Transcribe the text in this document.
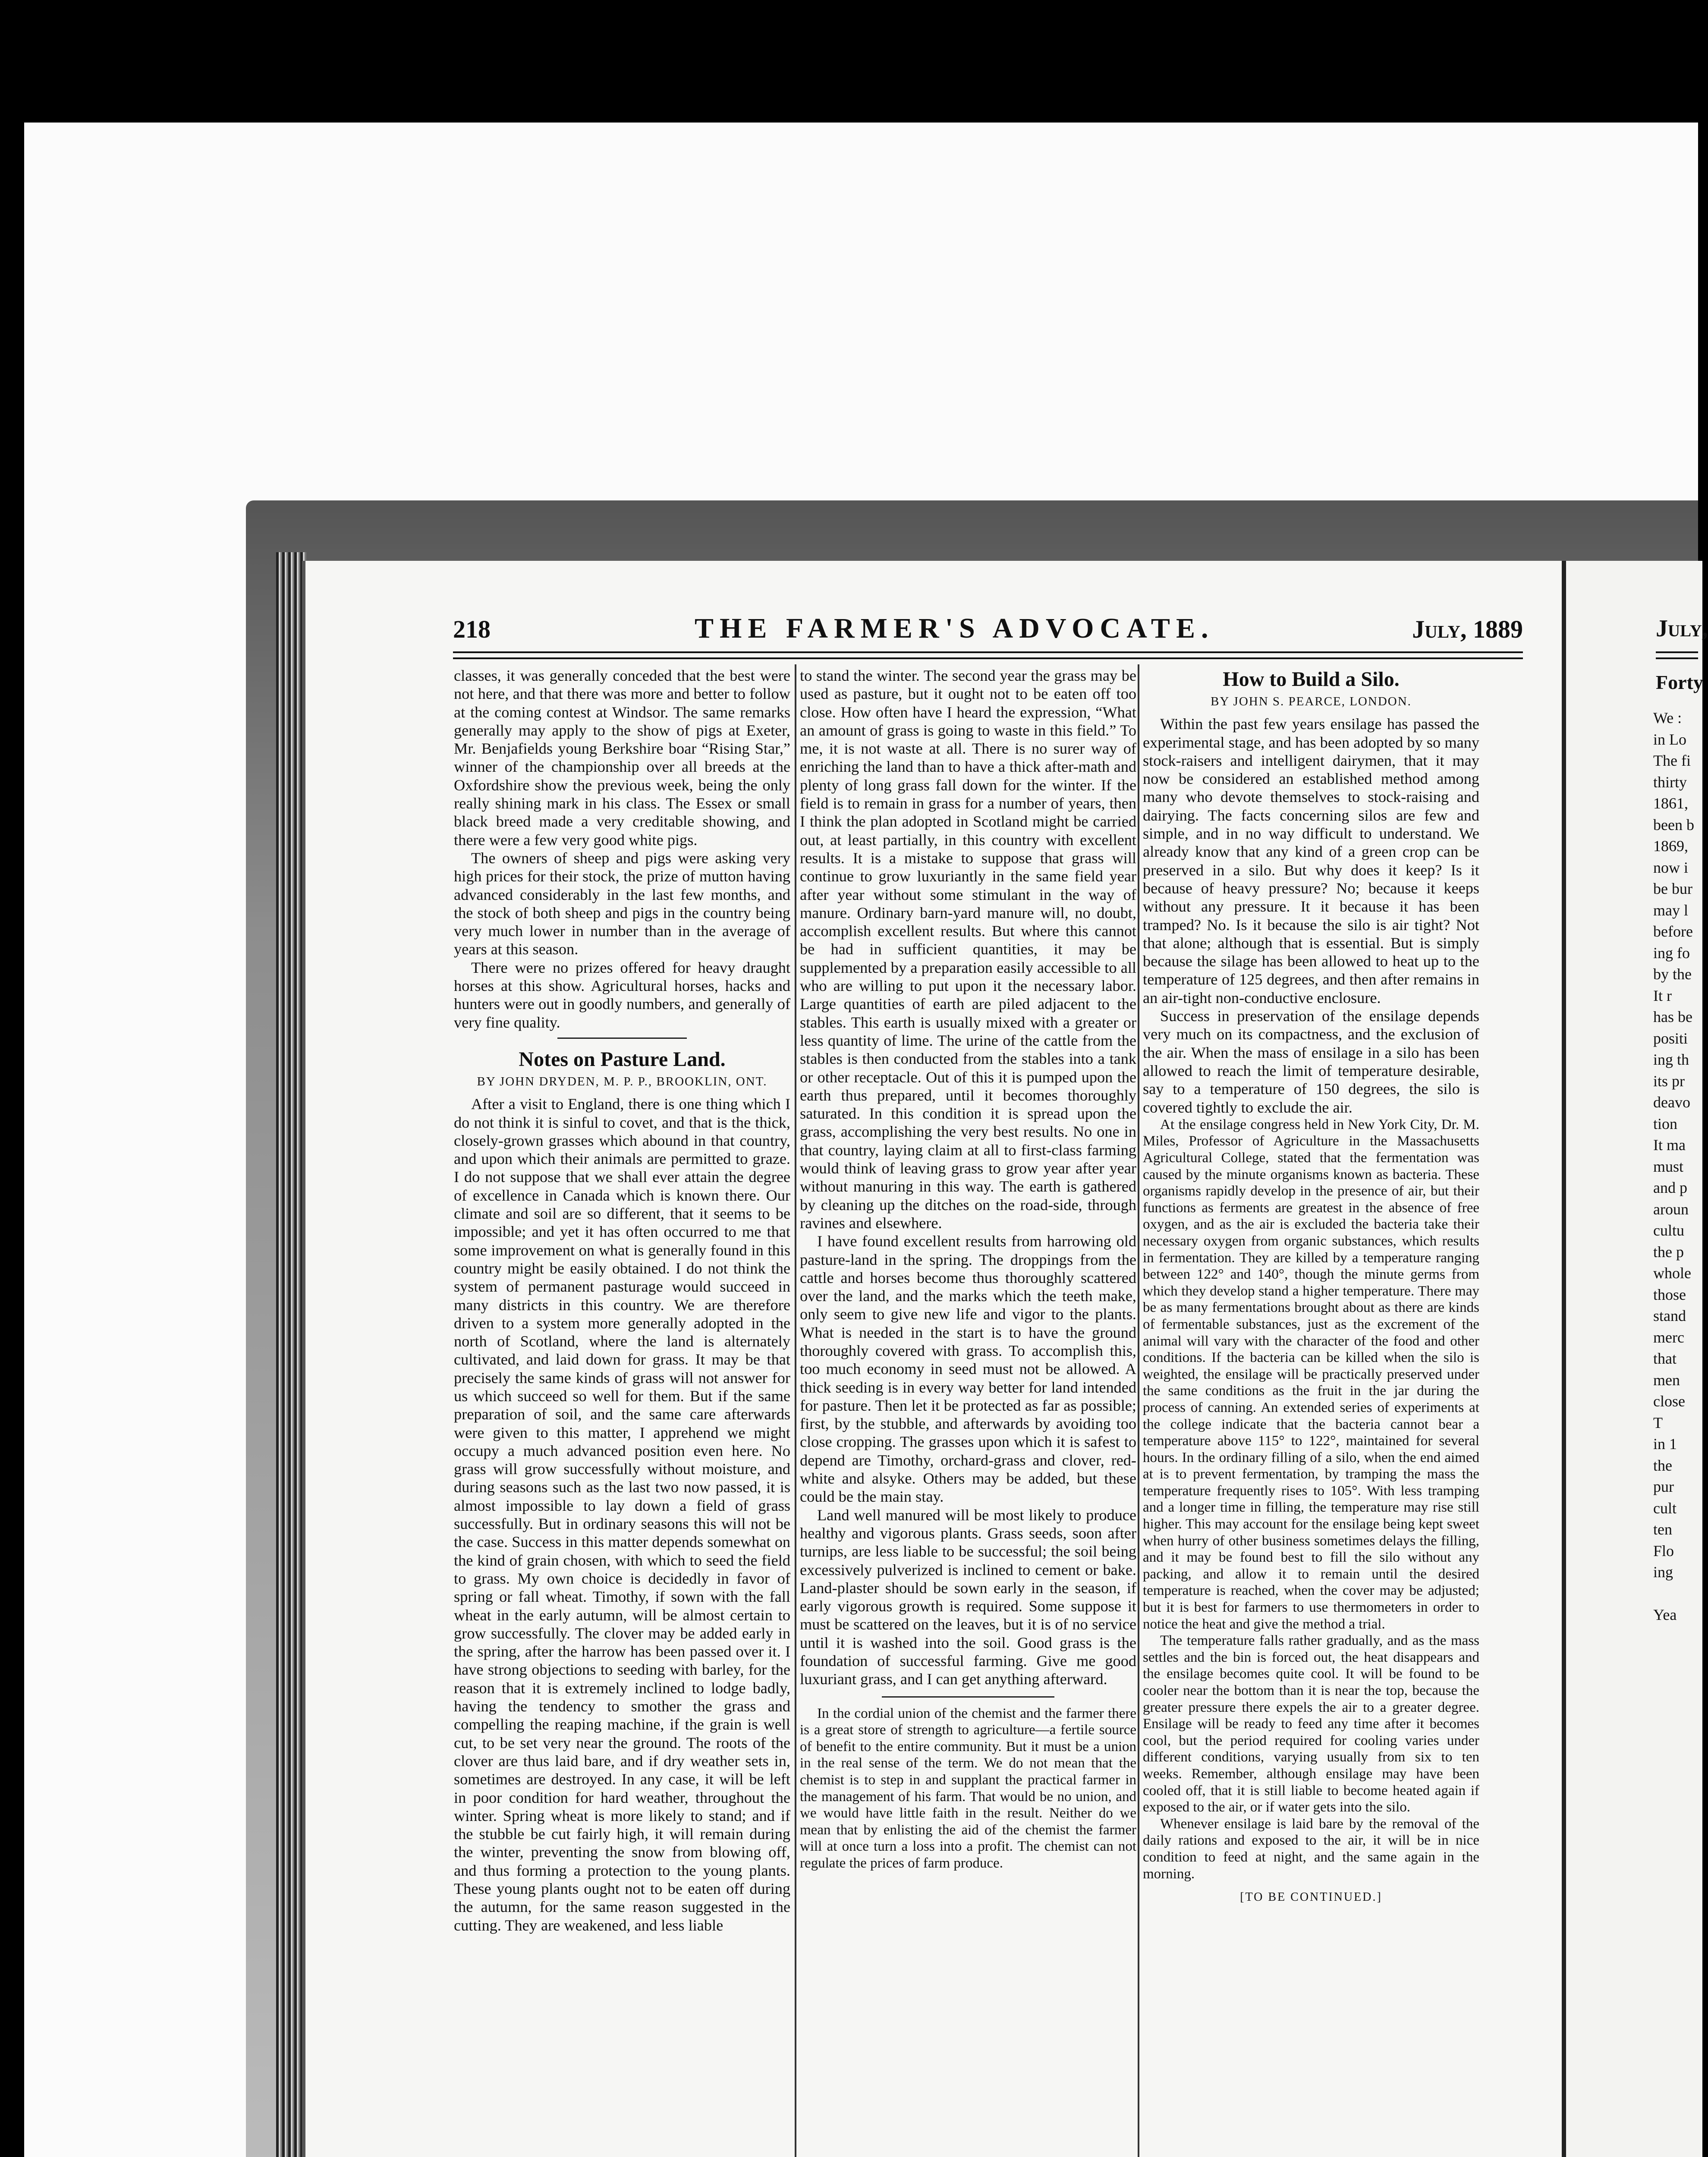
218	THE FARMER'S ADVOCATE.	July, 1889

classes, it was generally conceded that the best were not here, and that there was more and better to follow at the coming contest at Windsor. The same remarks generally may apply to the show of pigs at Exeter, Mr. Benjafields young Berkshire boar “Rising Star,” winner of the championship over all breeds at the Oxfordshire show the previous week, being the only really shining mark in his class. The Essex or small black breed made a very creditable showing, and there were a few very good white pigs.

The owners of sheep and pigs were asking very high prices for their stock, the prize of mutton having advanced considerably in the last few months, and the stock of both sheep and pigs in the country being very much lower in number than in the average of years at this season.

There were no prizes offered for heavy draught horses at this show. Agricultural horses, hacks and hunters were out in goodly numbers, and generally of very fine quality.

Notes on Pasture Land.
BY JOHN DRYDEN, M. P. P., BROOKLIN, ONT.

After a visit to England, there is one thing which I do not think it is sinful to covet, and that is the thick, closely-grown grasses which abound in that country, and upon which their animals are permitted to graze. I do not suppose that we shall ever attain the degree of excellence in Canada which is known there. Our climate and soil are so different, that it seems to be impossible; and yet it has often occurred to me that some improvement on what is generally found in this country might be easily obtained. I do not think the system of permanent pasturage would succeed in many districts in this country. We are therefore driven to a system more generally adopted in the north of Scotland, where the land is alternately cultivated, and laid down for grass. It may be that precisely the same kinds of grass will not answer for us which succeed so well for them. But if the same preparation of soil, and the same care afterwards were given to this matter, I apprehend we might occupy a much advanced position even here. No grass will grow successfully without moisture, and during seasons such as the last two now passed, it is almost impossible to lay down a field of grass successfully. But in ordinary seasons this will not be the case. Success in this matter depends somewhat on the kind of grain chosen, with which to seed the field to grass. My own choice is decidedly in favor of spring or fall wheat. Timothy, if sown with the fall wheat in the early autumn, will be almost certain to grow successfully. The clover may be added early in the spring, after the harrow has been passed over it. I have strong objections to seeding with barley, for the reason that it is extremely inclined to lodge badly, having the tendency to smother the grass and compelling the reaping machine, if the grain is well cut, to be set very near the ground. The roots of the clover are thus laid bare, and if dry weather sets in, sometimes are destroyed. In any case, it will be left in poor condition for hard weather, throughout the winter. Spring wheat is more likely to stand; and if the stubble be cut fairly high, it will remain during the winter, preventing the snow from blowing off, and thus forming a protection to the young plants. These young plants ought not to be eaten off during the autumn, for the same reason suggested in the cutting. They are weakened, and less liable

to stand the winter. The second year the grass may be used as pasture, but it ought not to be eaten off too close. How often have I heard the expression, “What an amount of grass is going to waste in this field.” To me, it is not waste at all. There is no surer way of enriching the land than to have a thick after-math and plenty of long grass fall down for the winter. If the field is to remain in grass for a number of years, then I think the plan adopted in Scotland might be carried out, at least partially, in this country with excellent results. It is a mistake to suppose that grass will continue to grow luxuriantly in the same field year after year without some stimulant in the way of manure. Ordinary barn-yard manure will, no doubt, accomplish excellent results. But where this cannot be had in sufficient quantities, it may be supplemented by a preparation easily accessible to all who are willing to put upon it the necessary labor. Large quantities of earth are piled adjacent to the stables. This earth is usually mixed with a greater or less quantity of lime. The urine of the cattle from the stables is then conducted from the stables into a tank or other receptacle. Out of this it is pumped upon the earth thus prepared, until it becomes thoroughly saturated. In this condition it is spread upon the grass, accomplishing the very best results. No one in that country, laying claim at all to first-class farming would think of leaving grass to grow year after year without manuring in this way. The earth is gathered by cleaning up the ditches on the road-side, through ravines and elsewhere.

I have found excellent results from harrowing old pasture-land in the spring. The droppings from the cattle and horses become thus thoroughly scattered over the land, and the marks which the teeth make, only seem to give new life and vigor to the plants. What is needed in the start is to have the ground thoroughly covered with grass. To accomplish this, too much economy in seed must not be allowed. A thick seeding is in every way better for land intended for pasture. Then let it be protected as far as possible; first, by the stubble, and afterwards by avoiding too close cropping. The grasses upon which it is safest to depend are Timothy, orchard-grass and clover, red-white and alsyke. Others may be added, but these could be the main stay.

Land well manured will be most likely to produce healthy and vigorous plants. Grass seeds, soon after turnips, are less liable to be successful; the soil being excessively pulverized is inclined to cement or bake. Land-plaster should be sown early in the season, if early vigorous growth is required. Some suppose it must be scattered on the leaves, but it is of no service until it is washed into the soil. Good grass is the foundation of successful farming. Give me good luxuriant grass, and I can get anything afterward.

In the cordial union of the chemist and the farmer there is a great store of strength to agriculture—a fertile source of benefit to the entire community. But it must be a union in the real sense of the term. We do not mean that the chemist is to step in and supplant the practical farmer in the management of his farm. That would be no union, and we would have little faith in the result. Neither do we mean that by enlisting the aid of the chemist the farmer will at once turn a loss into a profit. The chemist can not regulate the prices of farm produce.

How to Build a Silo.
BY JOHN S. PEARCE, LONDON.

Within the past few years ensilage has passed the experimental stage, and has been adopted by so many stock-raisers and intelligent dairymen, that it may now be considered an established method among many who devote themselves to stock-raising and dairying. The facts concerning silos are few and simple, and in no way difficult to understand. We already know that any kind of a green crop can be preserved in a silo. But why does it keep? Is it because of heavy pressure? No; because it keeps without any pressure. It it because it has been tramped? No. Is it because the silo is air tight? Not that alone; although that is essential. But is simply because the silage has been allowed to heat up to the temperature of 125 degrees, and then after remains in an air-tight non-conductive enclosure.

Success in preservation of the ensilage depends very much on its compactness, and the exclusion of the air. When the mass of ensilage in a silo has been allowed to reach the limit of temperature desirable, say to a temperature of 150 degrees, the silo is covered tightly to exclude the air.

At the ensilage congress held in New York City, Dr. M. Miles, Professor of Agriculture in the Massachusetts Agricultural College, stated that the fermentation was caused by the minute organisms known as bacteria. These organisms rapidly develop in the presence of air, but their functions as ferments are greatest in the absence of free oxygen, and as the air is excluded the bacteria take their necessary oxygen from organic substances, which results in fermentation. They are killed by a temperature ranging between 122° and 140°, though the minute germs from which they develop stand a higher temperature. There may be as many fermentations brought about as there are kinds of fermentable substances, just as the excrement of the animal will vary with the character of the food and other conditions. If the bacteria can be killed when the silo is weighted, the ensilage will be practically preserved under the same conditions as the fruit in the jar during the process of canning. An extended series of experiments at the college indicate that the bacteria cannot bear a temperature above 115° to 122°, maintained for several hours. In the ordinary filling of a silo, when the end aimed at is to prevent fermentation, by tramping the mass the temperature frequently rises to 105°. With less tramping and a longer time in filling, the temperature may rise still higher. This may account for the ensilage being kept sweet when hurry of other business sometimes delays the filling, and it may be found best to fill the silo without any packing, and allow it to remain until the desired temperature is reached, when the cover may be adjusted; but it is best for farmers to use thermometers in order to notice the heat and give the method a trial.

The temperature falls rather gradually, and as the mass settles and the bin is forced out, the heat disappears and the ensilage becomes quite cool. It will be found to be cooler near the bottom than it is near the top, because the greater pressure there expels the air to a greater degree. Ensilage will be ready to feed any time after it becomes cool, but the period required for cooling varies under different conditions, varying usually from six to ten weeks. Remember, although ensilage may have been cooled off, that it is still liable to become heated again if exposed to the air, or if water gets into the silo.

Whenever ensilage is laid bare by the removal of the daily rations and exposed to the air, it will be in nice condition to feed at night, and the same again in the morning.

[TO BE CONTINUED.]
July,
Forty
We :
in Lo
The fi
thirty
1861,
been b
1869,
now i
be bur
may l
before
ing fo
by the
It r
has be
positi
ing th
its pr
deavo
tion
It ma
must
and p
aroun
cultu
the p
whole
those
stand
merc
that
men
close
T
in 1
the
pur
cult
ten
Flo
ing

Yea
